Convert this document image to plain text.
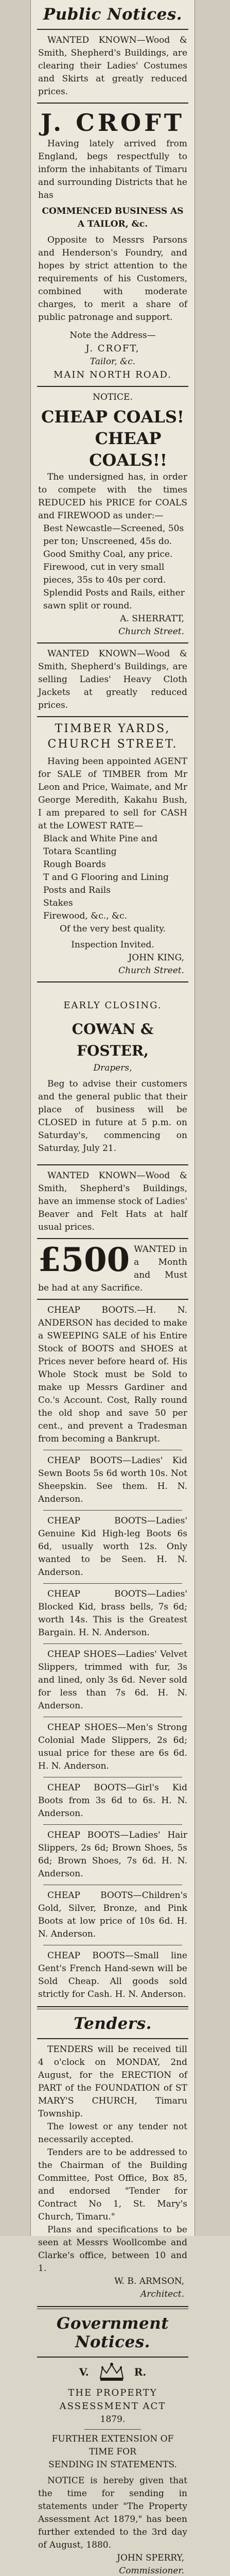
Public Notices.

WANTED KNOWN—Wood & Smith, Shepherd's Buildings, are clearing their Ladies' Costumes and Skirts at greatly reduced prices.

J. CROFT

Having lately arrived from England, begs respectfully to inform the inhabitants of Timaru and surrounding Districts that he has

COMMENCED BUSINESS AS A TAILOR, &c.

Opposite to Messrs Parsons and Henderson's Foundry, and hopes by strict attention to the requirements of his Customers, combined with moderate charges, to merit a share of public patronage and support.

Note the Address—

J. CROFT,

Tailor, &c.

MAIN NORTH ROAD.

NOTICE.

CHEAP COALS!

CHEAP COALS!!

The undersigned has, in order to compete with the times REDUCED his PRICE for COALS and FIREWOOD as under:—

Best Newcastle—Screened, 50s per ton; Unscreened, 45s do.

Good Smithy Coal, any price.

Firewood, cut in very small pieces, 35s to 40s per cord.

Splendid Posts and Rails, either sawn split or round.

A. SHERRATT,

Church Street.

WANTED KNOWN—Wood & Smith, Shepherd's Buildings, are selling Ladies' Heavy Cloth Jackets at greatly reduced prices.

TIMBER YARDS,

CHURCH STREET.

Having been appointed AGENT for SALE of TIMBER from Mr Leon and Price, Waimate, and Mr George Meredith, Kakahu Bush, I am prepared to sell for CASH at the LOWEST RATE—

Black and White Pine and Totara Scantling

Rough Boards

T and G Flooring and Lining

Posts and Rails

Stakes

Firewood, &c., &c.

Of the very best quality.

Inspection Invited.

JOHN KING,

Church Street.

EARLY CLOSING.

COWAN & FOSTER,

Drapers,

Beg to advise their customers and the general public that their place of business will be CLOSED in future at 5 p.m. on Saturday's, commencing on Saturday, July 21.

WANTED KNOWN—Wood & Smith, Shepherd's Buildings, have an immense stock of Ladies' Beaver and Felt Hats at half usual prices.

£500 WANTED in a Month and Must be had at any Sacrifice.

CHEAP BOOTS.—H. N. ANDERSON has decided to make a SWEEPING SALE of his Entire Stock of BOOTS and SHOES at Prices never before heard of. His Whole Stock must be Sold to make up Messrs Gardiner and Co.'s Account. Cost, Rally round the old shop and save 50 per cent., and prevent a Tradesman from becoming a Bankrupt.

CHEAP BOOTS—Ladies' Kid Sewn Boots 5s 6d worth 10s. Not Sheepskin. See them. H. N. Anderson.

CHEAP BOOTS—Ladies' Genuine Kid High-leg Boots 6s 6d, usually worth 12s. Only wanted to be Seen. H. N. Anderson.

CHEAP BOOTS—Ladies' Blocked Kid, brass bells, 7s 6d; worth 14s. This is the Greatest Bargain. H. N. Anderson.

CHEAP SHOES—Ladies' Velvet Slippers, trimmed with fur, 3s and lined, only 3s 6d. Never sold for less than 7s 6d. H. N. Anderson.

CHEAP SHOES—Men's Strong Colonial Made Slippers, 2s 6d; usual price for these are 6s 6d. H. N. Anderson.

CHEAP BOOTS—Girl's Kid Boots from 3s 6d to 6s. H. N. Anderson.

CHEAP BOOTS—Ladies' Hair Slippers, 2s 6d; Brown Shoes, 5s 6d; Brown Shoes, 7s 6d. H. N. Anderson.

CHEAP BOOTS—Children's Gold, Silver, Bronze, and Pink Boots at low price of 10s 6d. H. N. Anderson.

CHEAP BOOTS—Small line Gent's French Hand-sewn will be Sold Cheap. All goods sold strictly for Cash. H. N. Anderson.

Tenders.

TENDERS will be received till 4 o'clock on MONDAY, 2nd August, for the ERECTION of PART of the FOUNDATION of ST MARY'S CHURCH, Timaru Township.

The lowest or any tender not necessarily accepted.

Tenders are to be addressed to the Chairman of the Building Committee, Post Office, Box 85, and endorsed "Tender for Contract No 1, St. Mary's Church, Timaru."

Plans and specifications to be seen at Messrs Woollcombe and Clarke's office, between 10 and 1.

W. B. ARMSON,

Architect.

Government Notices.
V.	R.

THE PROPERTY ASSESSMENT ACT

1879.

FURTHER EXTENSION OF TIME FOR

SENDING IN STATEMENTS.

NOTICE is hereby given that the time for sending in statements under "The Property Assessment Act 1879," has been further extended to the 3rd day of August, 1880.

JOHN SPERRY,

Commissioner.
